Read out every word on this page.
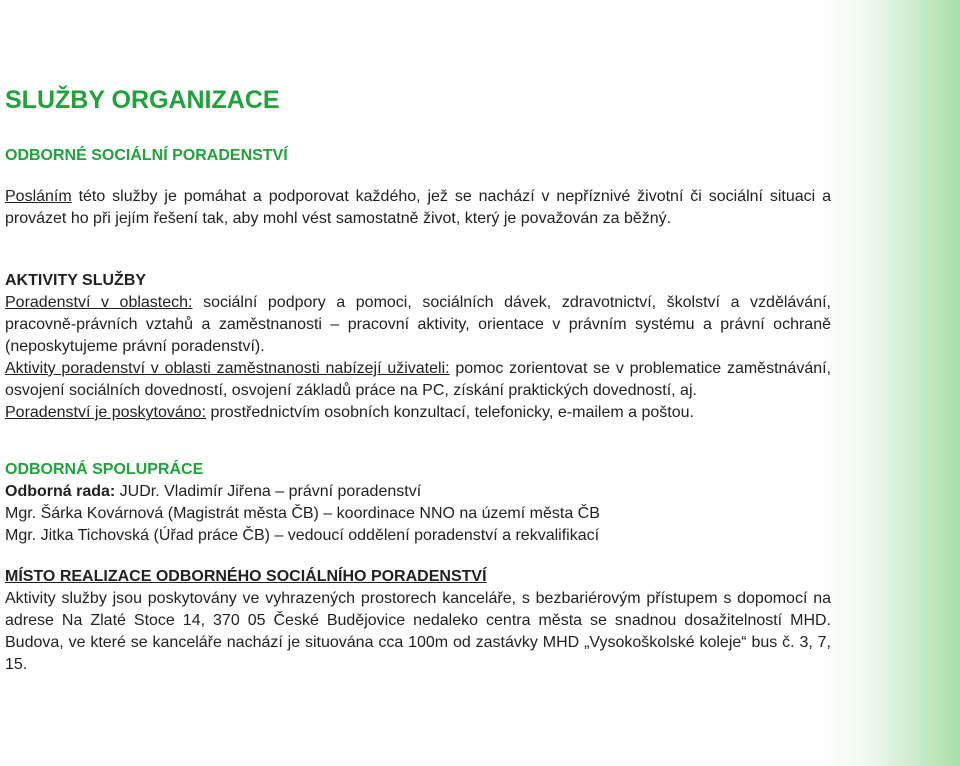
SLUŽBY ORGANIZACE
ODBORNÉ SOCIÁLNÍ PORADENSTVÍ

Posláním této služby je pomáhat a podporovat každého, jež se nachází v nepříznivé životní či sociální situaci a provázet ho při jejím řešení tak, aby mohl vést samostatně život, který je považován za běžný.

AKTIVITY SLUŽBY

Poradenství v oblastech: sociální podpory a pomoci, sociálních dávek, zdravotnictví, školství a vzdělávání, pracovně-právních vztahů a zaměstnanosti – pracovní aktivity, orientace v právním systému a právní ochraně (neposkytujeme právní poradenství).

Aktivity poradenství v oblasti zaměstnanosti nabízejí uživateli: pomoc zorientovat se v problematice zaměstnávání, osvojení sociálních dovedností, osvojení základů práce na PC, získání praktických dovedností, aj.

Poradenství je poskytováno: prostřednictvím osobních konzultací, telefonicky, e-mailem a poštou.

ODBORNÁ SPOLUPRÁCE

Odborná rada: JUDr. Vladimír Jiřena – právní poradenství

Mgr. Šárka Kovárnová (Magistrát města ČB) – koordinace NNO na území města ČB

Mgr. Jitka Tichovská (Úřad práce ČB) – vedoucí oddělení poradenství a rekvalifikací

MÍSTO REALIZACE ODBORNÉHO SOCIÁLNÍHO PORADENSTVÍ

Aktivity služby jsou poskytovány ve vyhrazených prostorech kanceláře, s bezbariérovým přístupem s dopomocí na adrese Na Zlaté Stoce 14, 370 05 České Budějovice nedaleko centra města se snadnou dosažitelností MHD. Budova, ve které se kanceláře nachází je situována cca 100m od zastávky MHD „Vysokoškolské koleje“ bus č. 3, 7, 15.
